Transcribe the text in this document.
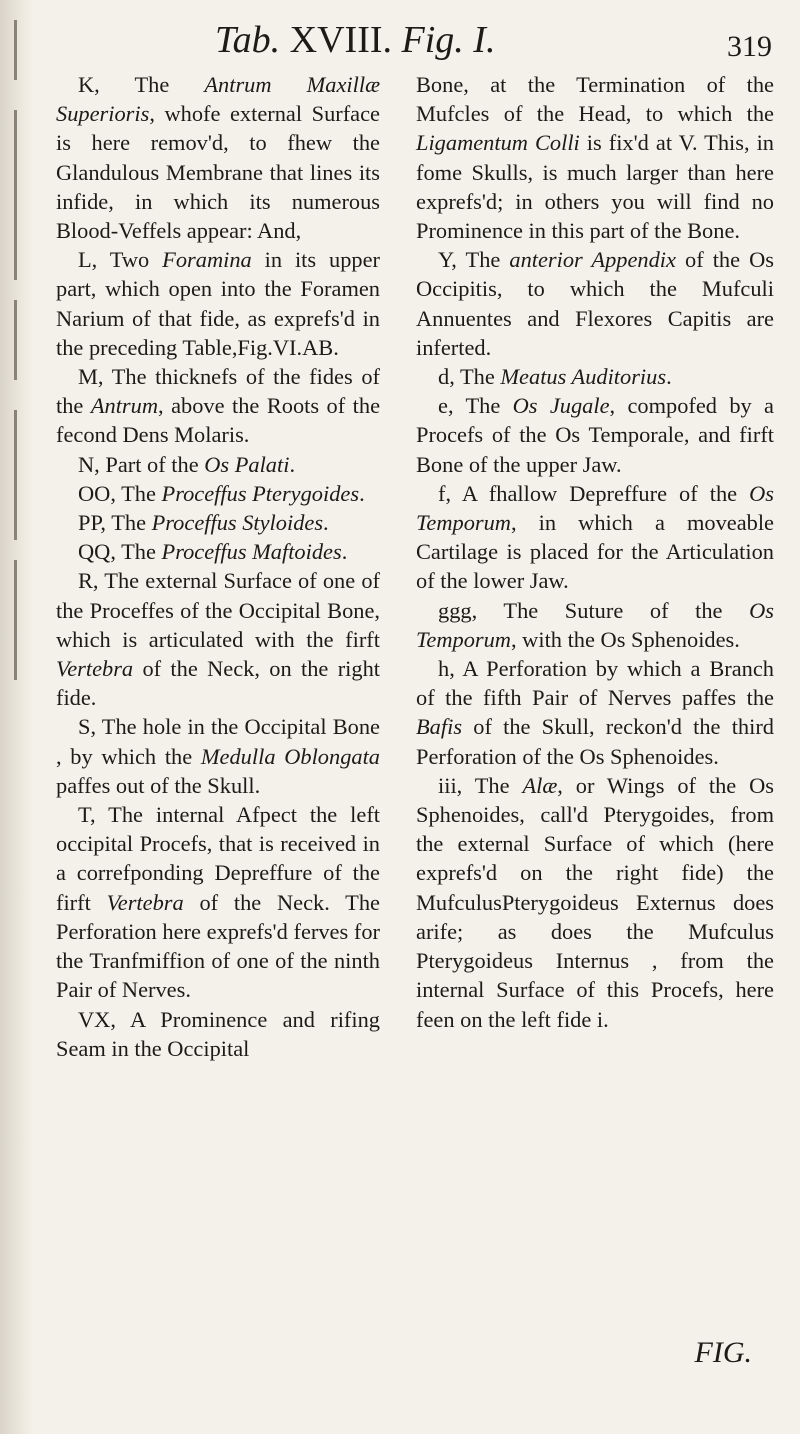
Tab. XVIII. Fig. I.	319

K, The Antrum Maxillæ Superioris, whofe external Surface is here remov'd, to fhew the Glandulous Membrane that lines its infide, in which its numerous Blood-Veffels appear: And,

L, Two Foramina in its upper part, which open into the Foramen Narium of that fide, as exprefs'd in the preceding Table,Fig.VI.AB.

M, The thicknefs of the fides of the Antrum, above the Roots of the fecond Dens Molaris.

N, Part of the Os Palati.

OO, The Proceffus Pterygoides.

PP, The Proceffus Styloides.

QQ, The Proceffus Maftoides.

R, The external Surface of one of the Proceffes of the Occipital Bone, which is articulated with the firft Vertebra of the Neck, on the right fide.

S, The hole in the Occipital Bone , by which the Medulla Oblongata paffes out of the Skull.

T, The internal Afpect the left occipital Procefs, that is received in a correfponding Depreffure of the firft Vertebra of the Neck. The Perforation here exprefs'd ferves for the Tranfmiffion of one of the ninth Pair of Nerves.

VX, A Prominence and rifing Seam in the Occipital

Bone, at the Termination of the Mufcles of the Head, to which the Ligamentum Colli is fix'd at V. This, in fome Skulls, is much larger than here exprefs'd; in others you will find no Prominence in this part of the Bone.

Y, The anterior Appendix of the Os Occipitis, to which the Mufculi Annuentes and Flexores Capitis are inferted.

d, The Meatus Auditorius.

e, The Os Jugale, compofed by a Procefs of the Os Temporale, and firft Bone of the upper Jaw.

f, A fhallow Depreffure of the Os Temporum, in which a moveable Cartilage is placed for the Articulation of the lower Jaw.

ggg, The Suture of the Os Temporum, with the Os Sphenoides.

h, A Perforation by which a Branch of the fifth Pair of Nerves paffes the Bafis of the Skull, reckon'd the third Perforation of the Os Sphenoides.

iii, The Alæ, or Wings of the Os Sphenoides, call'd Pterygoides, from the external Surface of which (here exprefs'd on the right fide) the MufculusPterygoideus Externus does arife; as does the Mufculus Pterygoideus Internus , from the internal Surface of this Procefs, here feen on the left fide i.

FIG.
